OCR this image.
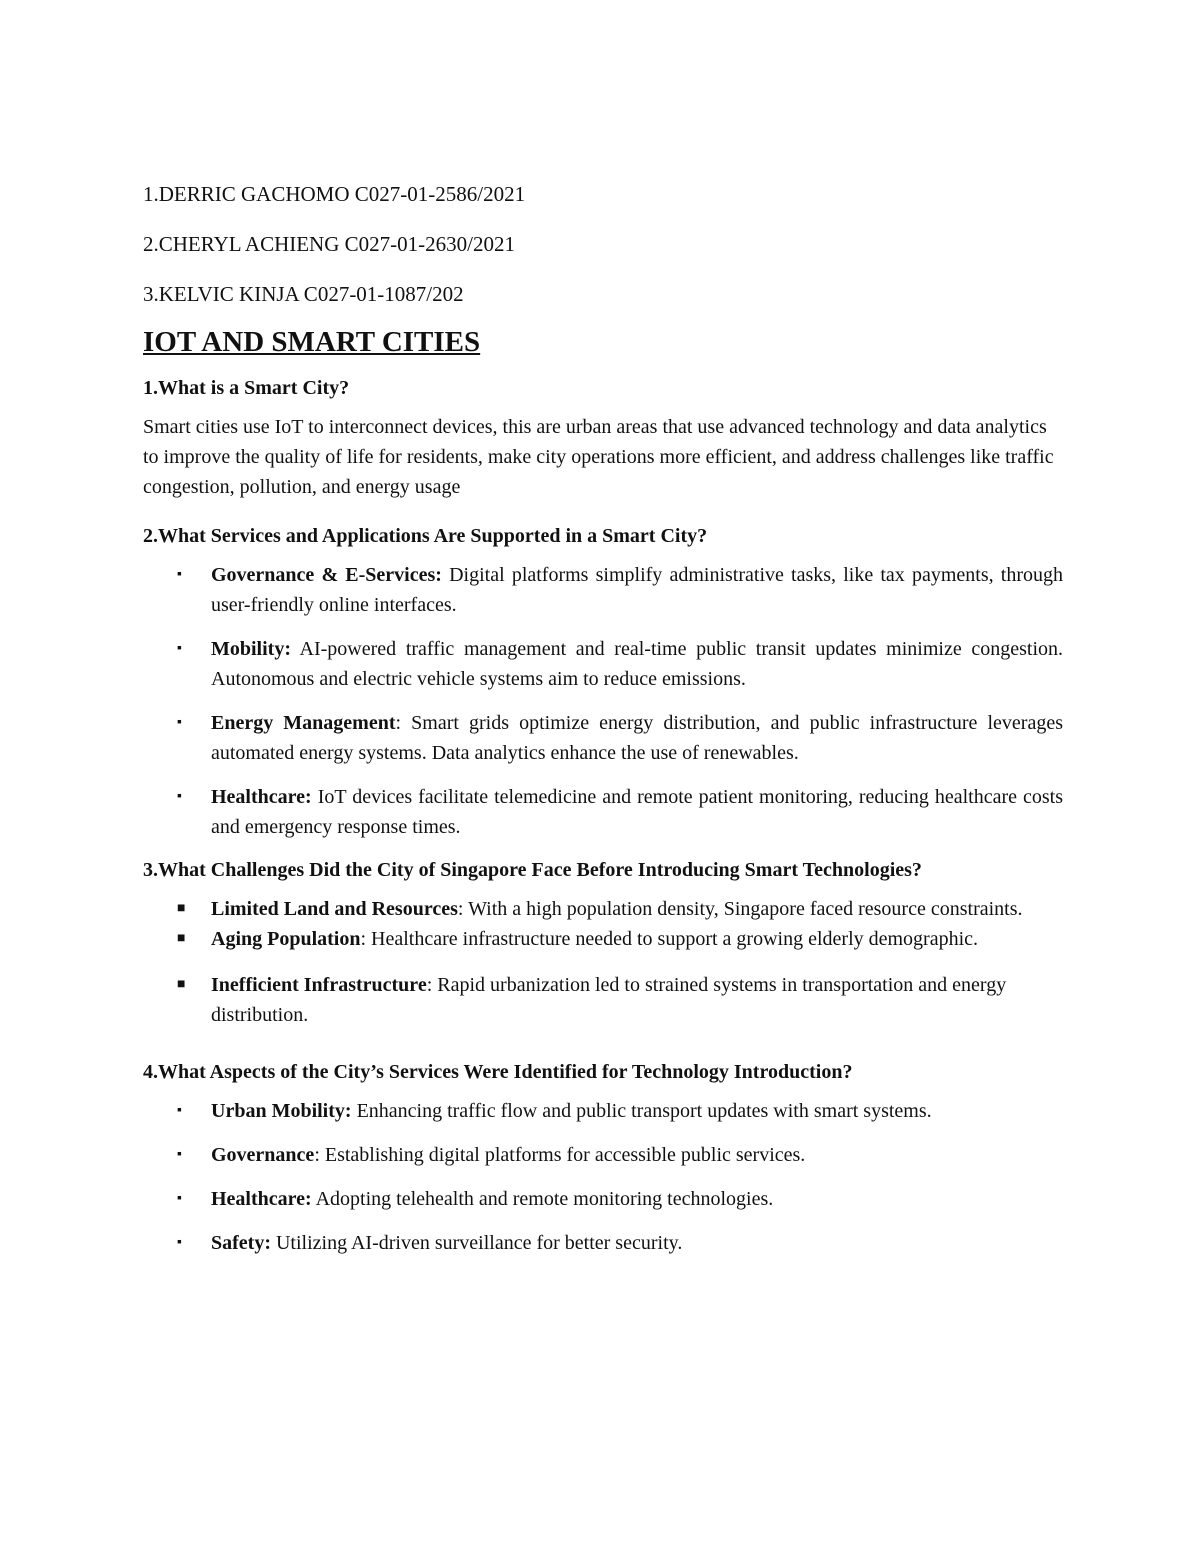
1.DERRIC GACHOMO C027-01-2586/2021

2.CHERYL ACHIENG C027-01-2630/2021

3.KELVIC KINJA C027-01-1087/202

IOT AND SMART CITIES

1.What is a Smart City?

Smart cities use IoT to interconnect devices, this are urban areas that use advanced technology and data analytics to improve the quality of life for residents, make city operations more efficient, and address challenges like traffic congestion, pollution, and energy usage

2.What Services and Applications Are Supported in a Smart City?

▪ Governance & E-Services: Digital platforms simplify administrative tasks, like tax payments, through user-friendly online interfaces.
▪ Mobility: AI-powered traffic management and real-time public transit updates minimize congestion. Autonomous and electric vehicle systems aim to reduce emissions.
▪ Energy Management: Smart grids optimize energy distribution, and public infrastructure leverages automated energy systems. Data analytics enhance the use of renewables.
▪ Healthcare: IoT devices facilitate telemedicine and remote patient monitoring, reducing healthcare costs and emergency response times.

3.What Challenges Did the City of Singapore Face Before Introducing Smart Technologies?

■ Limited Land and Resources: With a high population density, Singapore faced resource constraints.
■ Aging Population: Healthcare infrastructure needed to support a growing elderly demographic.
■ Inefficient Infrastructure: Rapid urbanization led to strained systems in transportation and energy distribution.

4.What Aspects of the City’s Services Were Identified for Technology Introduction?

▪ Urban Mobility: Enhancing traffic flow and public transport updates with smart systems.
▪ Governance: Establishing digital platforms for accessible public services.
▪ Healthcare: Adopting telehealth and remote monitoring technologies.
▪ Safety: Utilizing AI-driven surveillance for better security.
